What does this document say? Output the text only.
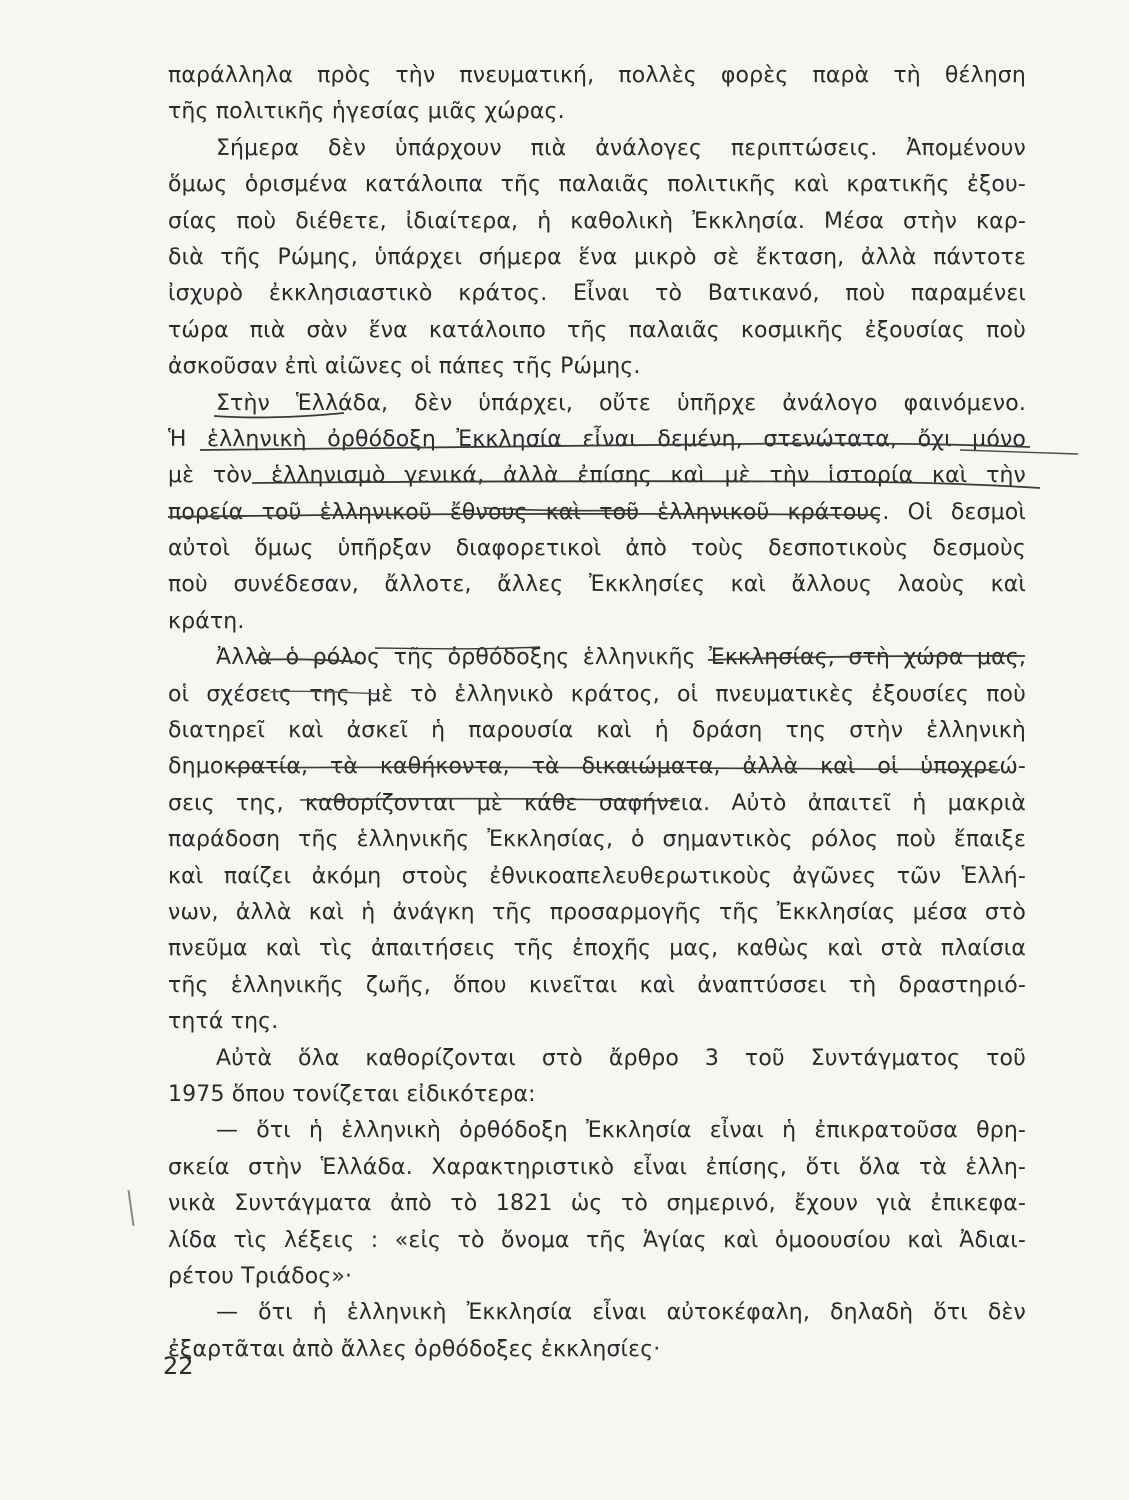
παράλληλα πρὸς τὴν πνευματική, πολλὲς φορὲς παρὰ τὴ θέληση
τῆς πολιτικῆς ἡγεσίας μιᾶς χώρας.
Σήμερα δὲν ὑπάρχουν πιὰ ἀνάλογες περιπτώσεις. Ἀπομένουν
ὅμως ὁρισμένα κατάλοιπα τῆς παλαιᾶς πολιτικῆς καὶ κρατικῆς ἐξου-
σίας ποὺ διέθετε, ἰδιαίτερα, ἡ καθολικὴ Ἐκκλησία. Μέσα στὴν καρ-
διὰ τῆς Ρώμης, ὑπάρχει σήμερα ἕνα μικρὸ σὲ ἔκταση, ἀλλὰ πάντοτε
ἰσχυρὸ ἐκκλησιαστικὸ κράτος. Εἶναι τὸ Βατικανό, ποὺ παραμένει
τώρα πιὰ σὰν ἕνα κατάλοιπο τῆς παλαιᾶς κοσμικῆς ἐξουσίας ποὺ
ἀσκοῦσαν ἐπὶ αἰῶνες οἱ πάπες τῆς Ρώμης.
Στὴν Ἑλλάδα, δὲν ὑπάρχει, οὔτε ὑπῆρχε ἀνάλογο φαινόμενο.
Ἡ ἑλληνικὴ ὀρθόδοξη Ἐκκλησία εἶναι δεμένη, στενώτατα, ὄχι μόνο
μὲ τὸν ἑλληνισμὸ γενικά, ἀλλὰ ἐπίσης καὶ μὲ τὴν ἱστορία καὶ τὴν
πορεία τοῦ ἑλληνικοῦ ἔθνους καὶ τοῦ ἑλληνικοῦ κράτους. Οἱ δεσμοὶ
αὐτοὶ ὅμως ὑπῆρξαν διαφορετικοὶ ἀπὸ τοὺς δεσποτικοὺς δεσμοὺς
ποὺ συνέδεσαν, ἄλλοτε, ἄλλες Ἐκκλησίες καὶ ἄλλους λαοὺς καὶ
κράτη.
Ἀλλὰ ὁ ρόλος τῆς ὀρθόδοξης ἑλληνικῆς Ἐκκλησίας, στὴ χώρα μας,
οἱ σχέσεις της μὲ τὸ ἑλληνικὸ κράτος, οἱ πνευματικὲς ἐξουσίες ποὺ
διατηρεῖ καὶ ἀσκεῖ ἡ παρουσία καὶ ἡ δράση της στὴν ἑλληνικὴ
δημοκρατία, τὰ καθήκοντα, τὰ δικαιώματα, ἀλλὰ καὶ οἱ ὑποχρεώ-
σεις της, καθορίζονται μὲ κάθε σαφήνεια. Αὐτὸ ἀπαιτεῖ ἡ μακριὰ
παράδοση τῆς ἑλληνικῆς Ἐκκλησίας, ὁ σημαντικὸς ρόλος ποὺ ἔπαιξε
καὶ παίζει ἀκόμη στοὺς ἐθνικοαπελευθερωτικοὺς ἀγῶνες τῶν Ἑλλή-
νων, ἀλλὰ καὶ ἡ ἀνάγκη τῆς προσαρμογῆς τῆς Ἐκκλησίας μέσα στὸ
πνεῦμα καὶ τὶς ἀπαιτήσεις τῆς ἐποχῆς μας, καθὼς καὶ στὰ πλαίσια
τῆς ἑλληνικῆς ζωῆς, ὅπου κινεῖται καὶ ἀναπτύσσει τὴ δραστηριό-
τητά της.
Αὐτὰ ὅλα καθορίζονται στὸ ἄρθρο 3 τοῦ Συντάγματος τοῦ
1975 ὅπου τονίζεται εἰδικότερα:
— ὅτι ἡ ἑλληνικὴ ὀρθόδοξη Ἐκκλησία εἶναι ἡ ἐπικρατοῦσα θρη-
σκεία στὴν Ἑλλάδα. Χαρακτηριστικὸ εἶναι ἐπίσης, ὅτι ὅλα τὰ ἑλλη-
νικὰ Συντάγματα ἀπὸ τὸ 1821 ὡς τὸ σημερινό, ἔχουν γιὰ ἐπικεφα-
λίδα τὶς λέξεις : «εἰς τὸ ὄνομα τῆς Ἁγίας καὶ ὁμοουσίου καὶ Ἀδιαι-
ρέτου Τριάδος»·
— ὅτι ἡ ἑλληνικὴ Ἐκκλησία εἶναι αὐτοκέφαλη, δηλαδὴ ὅτι δὲν
ἐξαρτᾶται ἀπὸ ἄλλες ὀρθόδοξες ἐκκλησίες·
22
